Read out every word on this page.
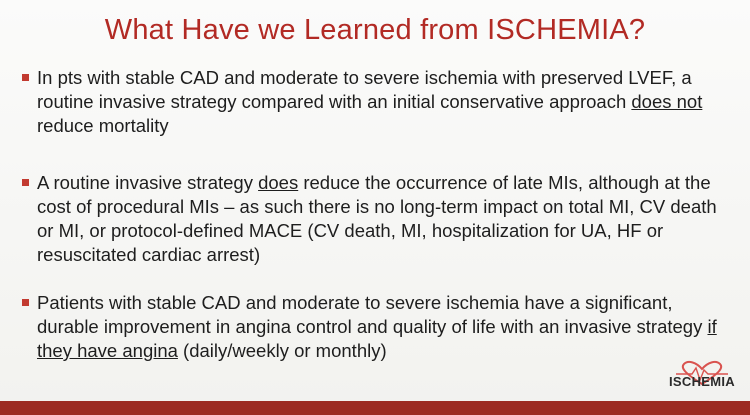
What Have we Learned from ISCHEMIA?
In pts with stable CAD and moderate to severe ischemia with preserved LVEF, a routine invasive strategy compared with an initial conservative approach does not reduce mortality
A routine invasive strategy does reduce the occurrence of late MIs, although at the cost of procedural MIs – as such there is no long-term impact on total MI, CV death or MI, or protocol-defined MACE (CV death, MI, hospitalization for UA, HF or resuscitated cardiac arrest)
Patients with stable CAD and moderate to severe ischemia have a significant, durable improvement in angina control and quality of life with an invasive strategy if they have angina (daily/weekly or monthly)
ISCHEMIA
